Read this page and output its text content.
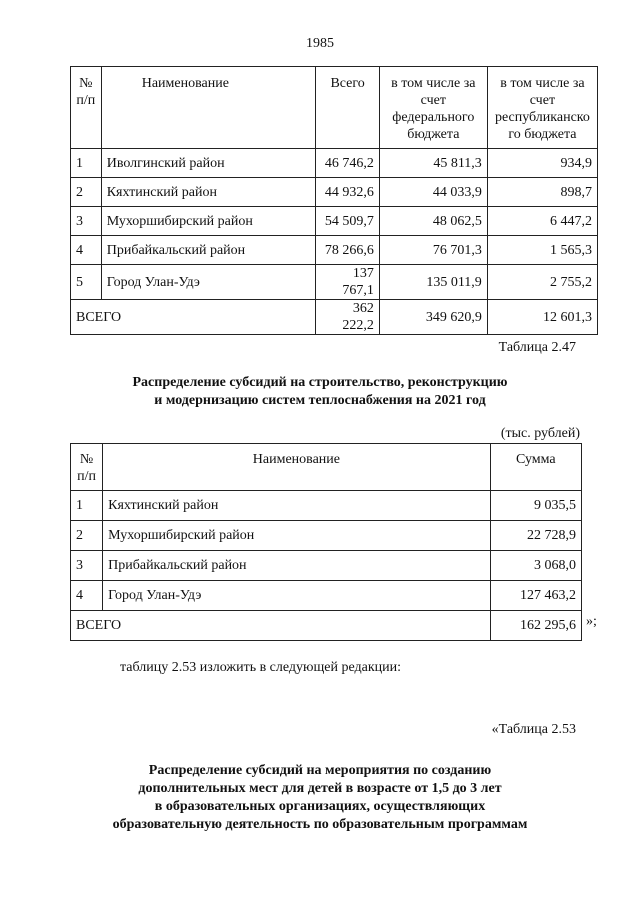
1985
№ п/п	Наименование	Всего	в том числе за счет федерального бюджета	в том числе за счет республиканско го бюджета
1	Иволгинский район	46 746,2	45 811,3	934,9
2	Кяхтинский район	44 932,6	44 033,9	898,7
3	Мухоршибирский район	54 509,7	48 062,5	6 447,2
4	Прибайкальский район	78 266,6	76 701,3	1 565,3
5	Город Улан-Удэ	137 767,1	135 011,9	2 755,2
ВСЕГО		362 222,2	349 620,9	12 601,3
Таблица 2.47
Распределение субсидий на строительство, реконструкцию
и модернизацию систем теплоснабжения на 2021 год
(тыс. рублей)
№ п/п	Наименование	Сумма
1	Кяхтинский район	9 035,5
2	Мухоршибирский район	22 728,9
3	Прибайкальский район	3 068,0
4	Город Улан-Удэ	127 463,2
ВСЕГО		162 295,6 »;
таблицу 2.53 изложить в следующей редакции:
«Таблица 2.53
Распределение субсидий на мероприятия по созданию
дополнительных мест для детей в возрасте от 1,5 до 3 лет
в образовательных организациях, осуществляющих
образовательную деятельность по образовательным программам
